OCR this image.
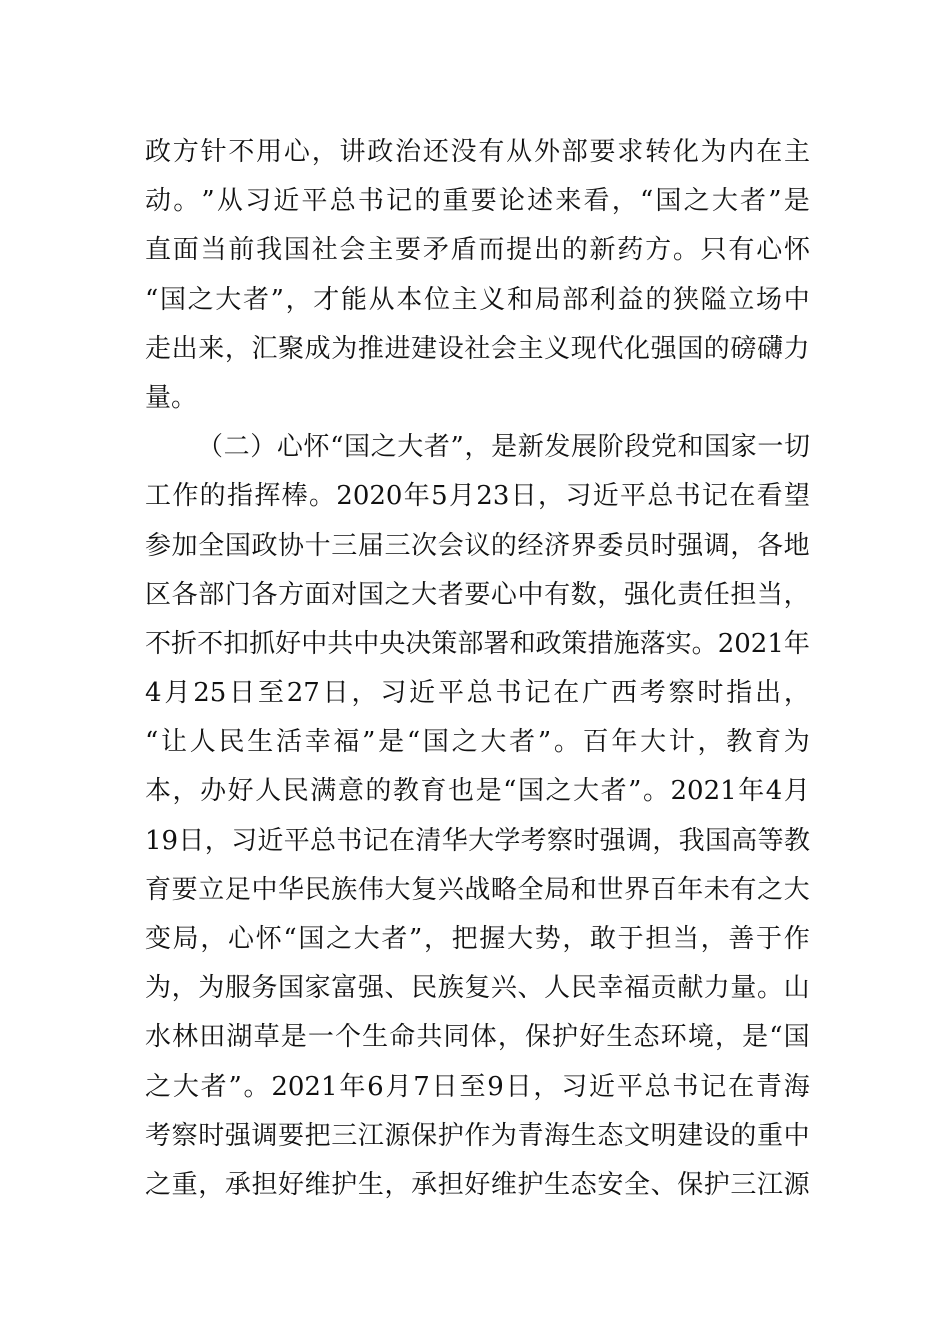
政 方 针 不 用 心 ， 讲 政 治 还 没 有 从 外 部 要 求 转 化 为 内 在 主
动 。 ” 从 习 近 平 总 书 记 的 重 要 论 述 来 看 ， “ 国 之 大 者 ” 是
直 面 当 前 我 国 社 会 主 要 矛 盾 而 提 出 的 新 药 方 。 只 有 心 怀
“ 国 之 大 者 ” ， 才 能 从 本 位 主 义 和 局 部 利 益 的 狭 隘 立 场 中
走 出 来 ， 汇 聚 成 为 推 进 建 设 社 会 主 义 现 代 化 强 国 的 磅 礴 力
量。
（ 二 ） 心 怀 “ 国 之 大 者 ” ， 是 新 发 展 阶 段 党 和 国 家 一 切
工 作 的 指 挥 棒 。 2020 年 5 月 23 日 ， 习 近 平 总 书 记 在 看 望
参 加 全 国 政 协 十 三 届 三 次 会 议 的 经 济 界 委 员 时 强 调 ， 各 地
区 各 部 门 各 方 面 对 国 之 大 者 要 心 中 有 数 ， 强 化 责 任 担 当 ，
不 折 不 扣 抓 好 中 共 中 央 决 策 部 署 和 政 策 措 施 落 实 。 2021 年
4 月 25 日 至 27 日 ， 习 近 平 总 书 记 在 广 西 考 察 时 指 出 ，
“ 让 人 民 生 活 幸 福 ” 是 “ 国 之 大 者 ” 。 百 年 大 计 ， 教 育 为
本 ， 办 好 人 民 满 意 的 教 育 也 是 “ 国 之 大 者 ” 。 2021 年 4 月
19 日 ， 习 近 平 总 书 记 在 清 华 大 学 考 察 时 强 调 ， 我 国 高 等 教
育 要 立 足 中 华 民 族 伟 大 复 兴 战 略 全 局 和 世 界 百 年 未 有 之 大
变 局 ， 心 怀 “ 国 之 大 者 ” ， 把 握 大 势 ， 敢 于 担 当 ， 善 于 作
为 ， 为 服 务 国 家 富 强 、 民 族 复 兴 、 人 民 幸 福 贡 献 力 量 。 山
水 林 田 湖 草 是 一 个 生 命 共 同 体 ， 保 护 好 生 态 环 境 ， 是 “ 国
之 大 者 ” 。 2021 年 6 月 7 日 至 9 日 ， 习 近 平 总 书 记 在 青 海
考 察 时 强 调 要 把 三 江 源 保 护 作 为 青 海 生 态 文 明 建 设 的 重 中
之 重 ， 承 担 好 维 护 生 ， 承 担 好 维 护 生 态 安 全 、 保 护 三 江 源
